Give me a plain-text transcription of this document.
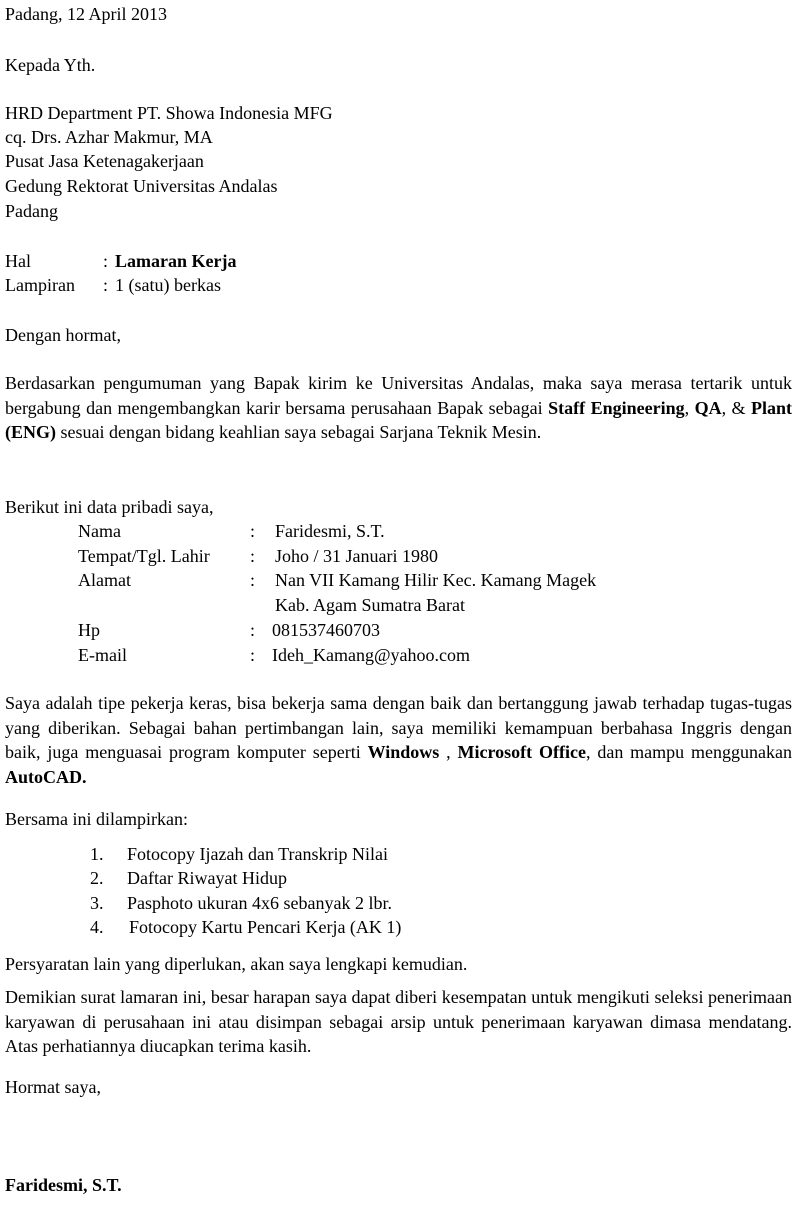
Padang, 12 April 2013
Kepada Yth.
HRD Department PT. Showa Indonesia MFG
cq. Drs. Azhar Makmur, MA
Pusat Jasa Ketenagakerjaan
Gedung Rektorat Universitas Andalas
Padang
Hal	: Lamaran Kerja
Lampiran : 1 (satu) berkas
Dengan hormat,
Berdasarkan pengumuman yang Bapak kirim ke Universitas Andalas, maka saya merasa tertarik untuk bergabung dan mengembangkan karir bersama perusahaan Bapak sebagai Staff Engineering, QA, & Plant (ENG) sesuai dengan bidang keahlian saya sebagai Sarjana Teknik Mesin.
Berikut ini data pribadi saya,
Nama	: Faridesmi, S.T.
Tempat/Tgl. Lahir : Joho / 31 Januari 1980
Alamat	: Nan VII Kamang Hilir Kec. Kamang Magek
Kab. Agam Sumatra Barat
Hp	: 081537460703
E-mail	: Ideh_Kamang@yahoo.com
Saya adalah tipe pekerja keras, bisa bekerja sama dengan baik dan bertanggung jawab terhadap tugas-tugas yang diberikan. Sebagai bahan pertimbangan lain, saya memiliki kemampuan berbahasa Inggris dengan baik, juga menguasai program komputer seperti Windows , Microsoft Office, dan mampu menggunakan AutoCAD.
Bersama ini dilampirkan:
1. Fotocopy Ijazah dan Transkrip Nilai
2. Daftar Riwayat Hidup
3. Pasphoto ukuran 4x6 sebanyak 2 lbr.
4. Fotocopy Kartu Pencari Kerja (AK 1)
Persyaratan lain yang diperlukan, akan saya lengkapi kemudian.
Demikian surat lamaran ini, besar harapan saya dapat diberi kesempatan untuk mengikuti seleksi penerimaan karyawan di perusahaan ini atau disimpan sebagai arsip untuk penerimaan karyawan dimasa mendatang. Atas perhatiannya diucapkan terima kasih.
Hormat saya,
Faridesmi, S.T.
